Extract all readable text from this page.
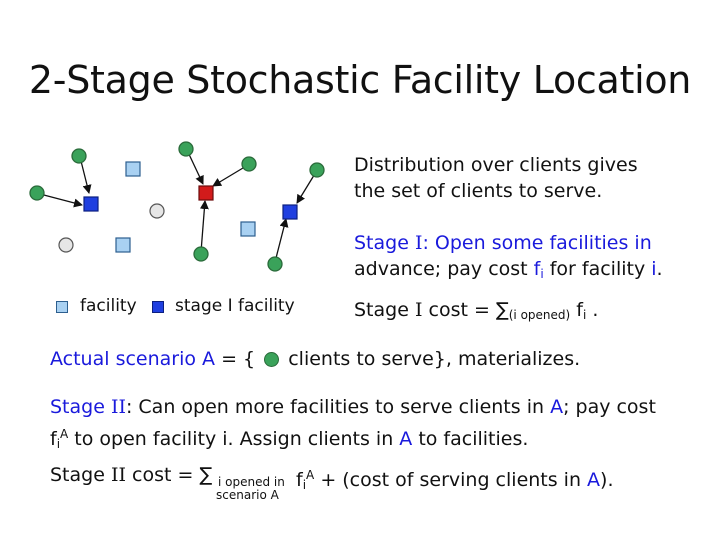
2-Stage Stochastic Facility Location
facility stage I facility
Distribution over clients gives
the set of clients to serve.
Stage I: Open some facilities in
advance; pay cost $f_i$ for facility i.
Stage I $\cos t = \sum_{(i opened)}$ $f_i$ .
Actual scenario A = {  clients to serve}, materializes.
Stage II: Can open more facilities to serve clients in A; pay cost
$f_i^A$ to open facility i. Assign clients in A to facilities.
Stage II cost = ∑ i opened in
scenario A
$f_i^A + (\cos t$ of serving clients in A).
